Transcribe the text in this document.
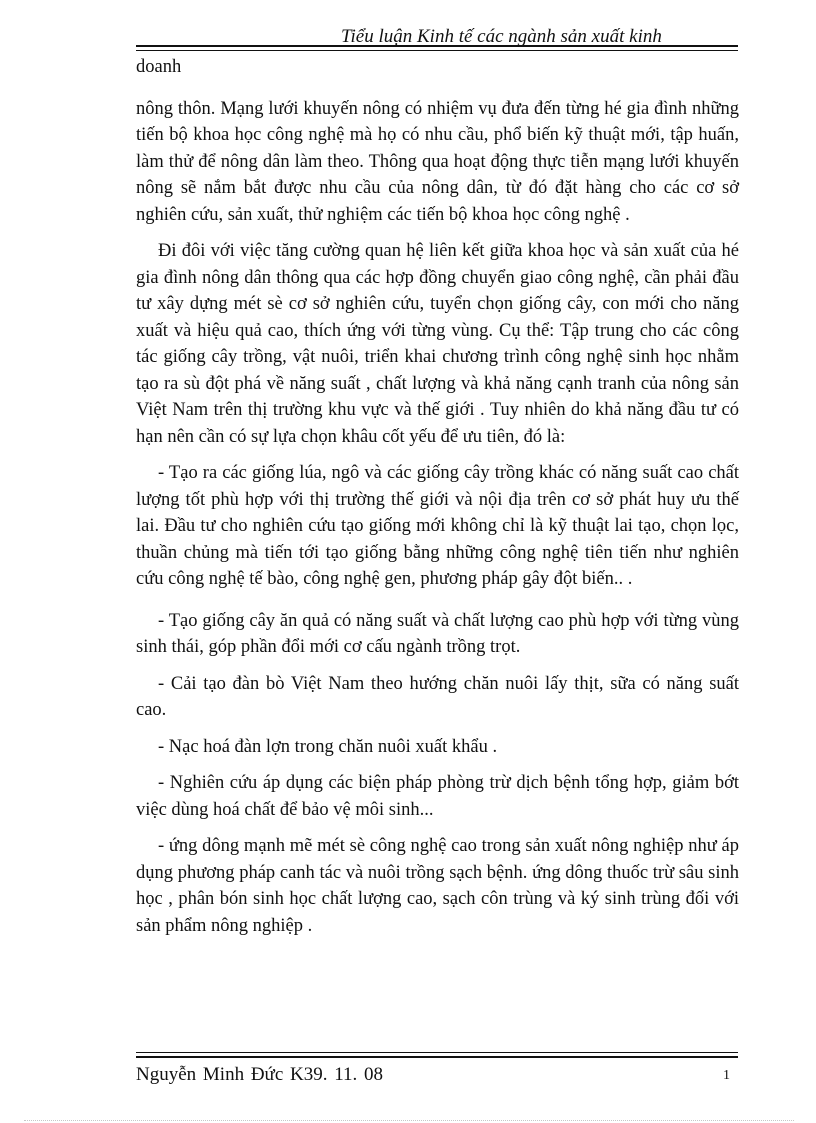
Tiểu luận Kinh tế các ngành sản xuất kinh

doanh

nông thôn. Mạng lưới khuyến nông có nhiệm vụ đưa đến từng hé gia đình những tiến bộ khoa học công nghệ mà họ có nhu cầu, phổ biến kỹ thuật mới, tập huấn, làm thử để nông dân làm theo. Thông qua hoạt động thực tiễn mạng lưới khuyến nông sẽ nắm bắt được nhu cầu của nông dân, từ đó đặt hàng cho các cơ sở nghiên cứu, sản xuất, thử nghiệm các tiến bộ khoa học công nghệ .

Đi đôi với việc tăng cường quan hệ liên kết giữa khoa học và sản xuất của hé gia đình nông dân thông qua các hợp đồng chuyển giao công nghệ, cần phải đầu tư xây dựng mét sè cơ sở nghiên cứu, tuyển chọn giống cây, con mới cho năng xuất và hiệu quả cao, thích ứng với từng vùng. Cụ thể: Tập trung cho các công tác giống cây trồng, vật nuôi, triển khai chương trình công nghệ sinh học nhằm tạo ra sù đột phá về năng suất , chất lượng và khả năng cạnh tranh của nông sản Việt Nam trên thị trường khu vực và thế giới . Tuy nhiên do khả năng đầu tư có hạn nên cần có sự lựa chọn khâu cốt yếu để ưu tiên, đó là:

- Tạo ra các giống lúa, ngô và các giống cây trồng khác có năng suất cao chất lượng tốt phù hợp với thị trường thế giới và nội địa trên cơ sở phát huy ưu thế lai. Đầu tư cho nghiên cứu tạo giống mới không chỉ là kỹ thuật lai tạo, chọn lọc, thuần chủng mà tiến tới tạo giống bằng những công nghệ tiên tiến như nghiên cứu công nghệ tế bào, công nghệ gen, phương pháp gây đột biến.. .

- Tạo giống cây ăn quả có năng suất và chất lượng cao phù hợp với từng vùng sinh thái, góp phần đổi mới cơ cấu ngành trồng trọt.

- Cải tạo đàn bò Việt Nam theo hướng chăn nuôi lấy thịt, sữa có năng suất cao.

- Nạc hoá đàn lợn trong chăn nuôi xuất khẩu .

- Nghiên cứu áp dụng các biện pháp phòng trừ dịch bệnh tổng hợp, giảm bớt việc dùng hoá chất để bảo vệ môi sinh...

- ứng dông mạnh mẽ mét sè công nghệ cao trong sản xuất nông nghiệp như áp dụng phương pháp canh tác và nuôi trồng sạch bệnh. ứng dông thuốc trừ sâu sinh học , phân bón sinh học chất lượng cao, sạch côn trùng và ký sinh trùng đối với sản phẩm nông nghiệp .

Nguyễn Minh Đức K39. 11. 08	1
